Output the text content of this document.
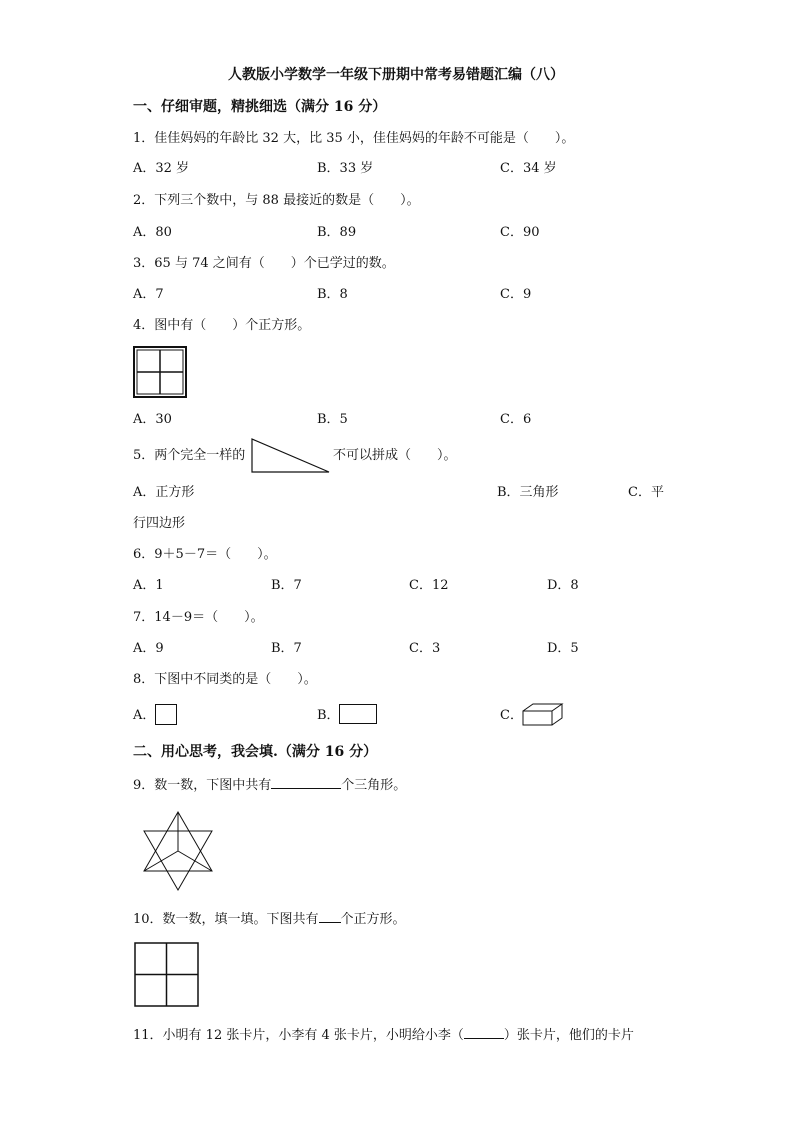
人教版小学数学一年级下册期中常考易错题汇编（八）
一、仔细审题，精挑细选（满分 16 分）
1．佳佳妈妈的年龄比 32 大，比 35 小，佳佳妈妈的年龄不可能是（　　）。
A．32 岁	B．33 岁	C．34 岁
2．下列三个数中，与 88 最接近的数是（　　）。
A．80	B．89	C．90
3．65 与 74 之间有（　　）个已学过的数。
A．7	B．8	C．9
4．图中有（　　）个正方形。
A．30	B．5	C．6
5．两个完全一样的	不可以拼成（　　）。
A．正方形	B．三角形	C．平
行四边形
6．9＋5－7＝（　　）。
A．1	B．7	C．12	D．8
7．14－9＝（　　）。
A．9	B．7	C．3	D．5
8．下图中不同类的是（　　）。
A．	B．	C．
二、用心思考，我会填.（满分 16 分）
9．数一数，下图中共有	个三角形。
10．数一数，填一填。下图共有 个正方形。
11．小明有 12 张卡片，小李有 4 张卡片，小明给小李（	）张卡片，他们的卡片
